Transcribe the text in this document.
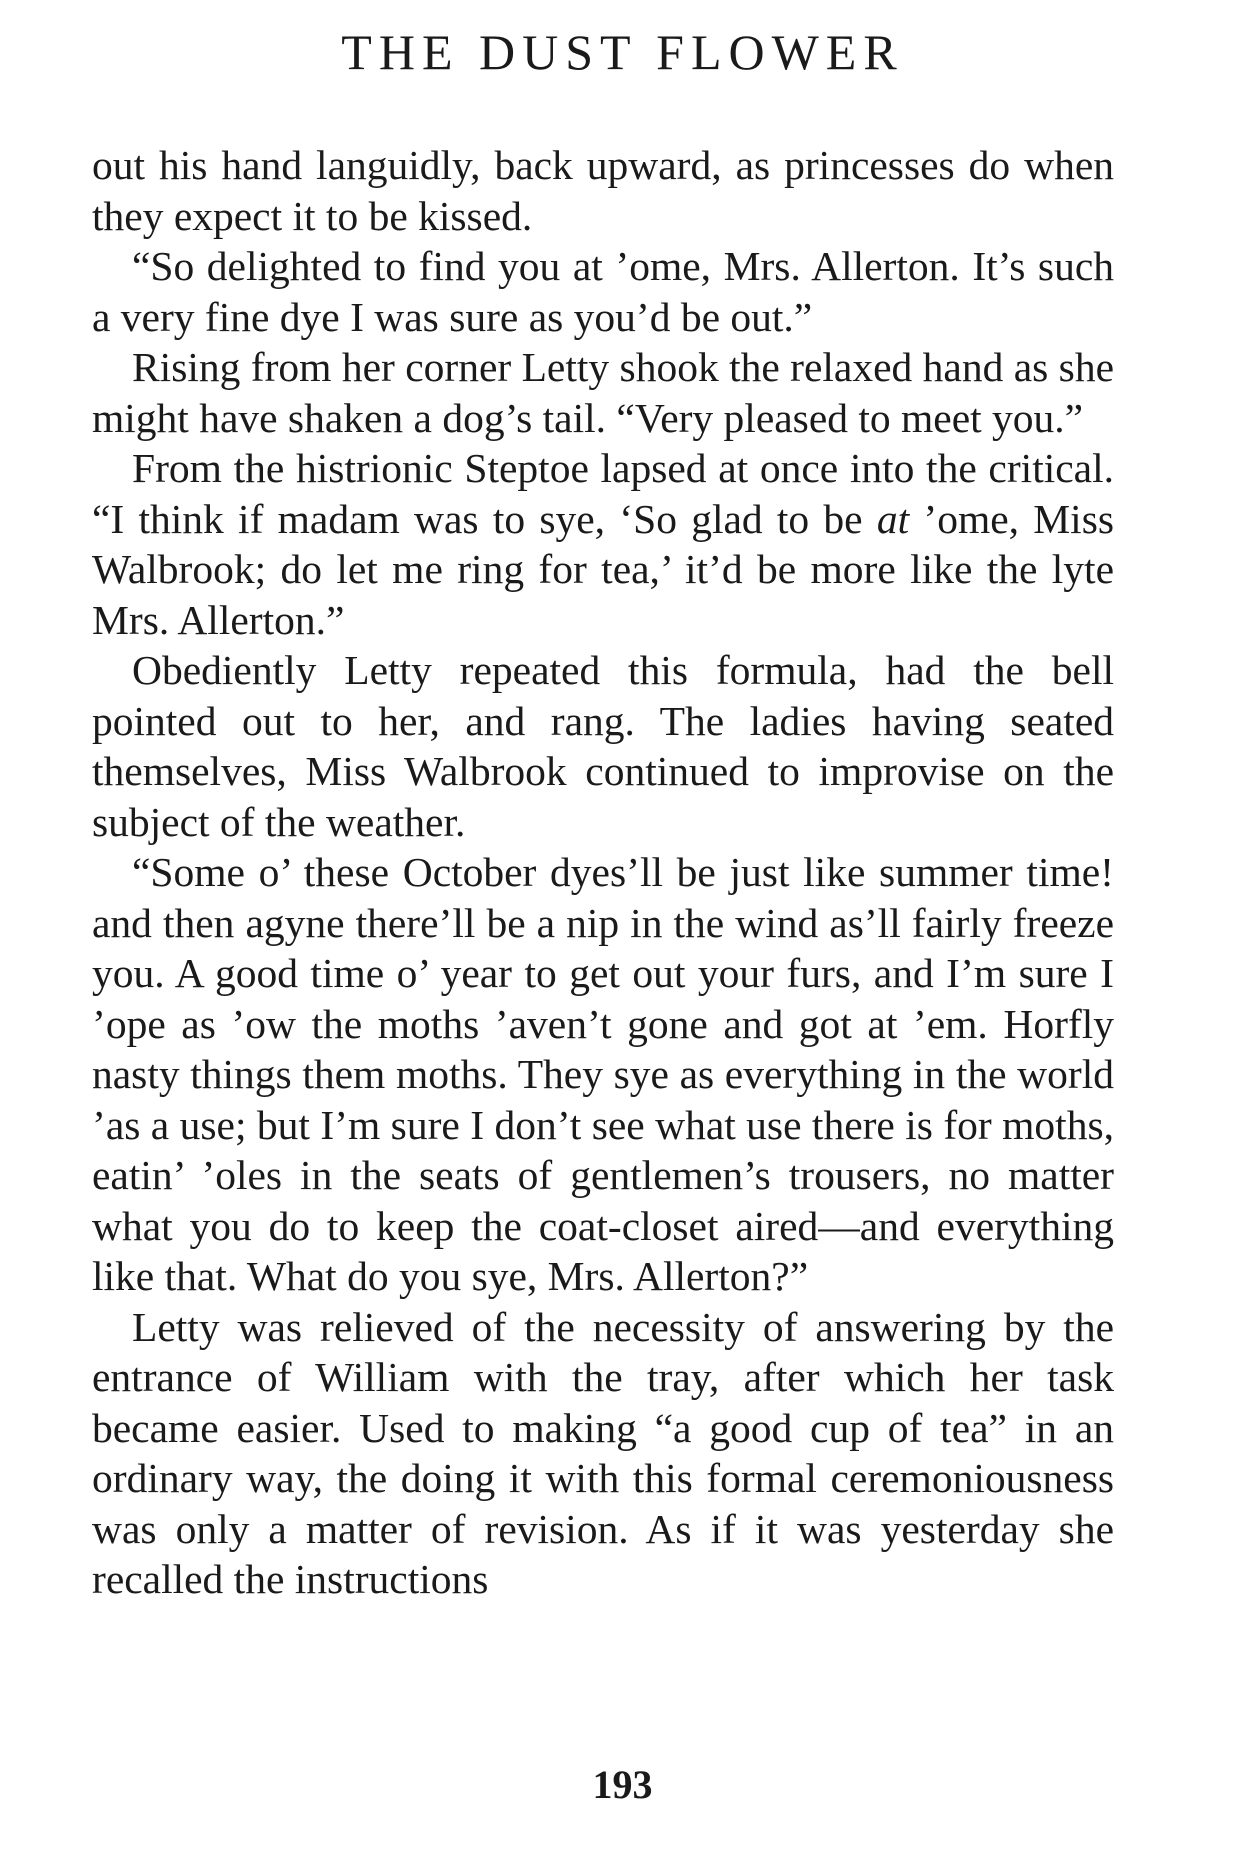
THE DUST FLOWER

out his hand languidly, back upward, as princesses do when they expect it to be kissed.

“So delighted to find you at ’ome, Mrs. Allerton. It’s such a very fine dye I was sure as you’d be out.”

Rising from her corner Letty shook the relaxed hand as she might have shaken a dog’s tail. “Very pleased to meet you.”

From the histrionic Steptoe lapsed at once into the critical. “I think if madam was to sye, ‘So glad to be at ’ome, Miss Walbrook; do let me ring for tea,’ it’d be more like the lyte Mrs. Allerton.”

Obediently Letty repeated this formula, had the bell pointed out to her, and rang. The ladies having seated themselves, Miss Walbrook continued to improvise on the subject of the weather.

“Some o’ these October dyes’ll be just like summer time! and then agyne there’ll be a nip in the wind as’ll fairly freeze you. A good time o’ year to get out your furs, and I’m sure I ’ope as ’ow the moths ’aven’t gone and got at ’em. Horfly nasty things them moths. They sye as everything in the world ’as a use; but I’m sure I don’t see what use there is for moths, eatin’ ’oles in the seats of gentlemen’s trousers, no matter what you do to keep the coat-closet aired—and everything like that. What do you sye, Mrs. Allerton?”

Letty was relieved of the necessity of answering by the entrance of William with the tray, after which her task became easier. Used to making “a good cup of tea” in an ordinary way, the doing it with this formal ceremoniousness was only a matter of revision. As if it was yesterday she recalled the instructions

193
